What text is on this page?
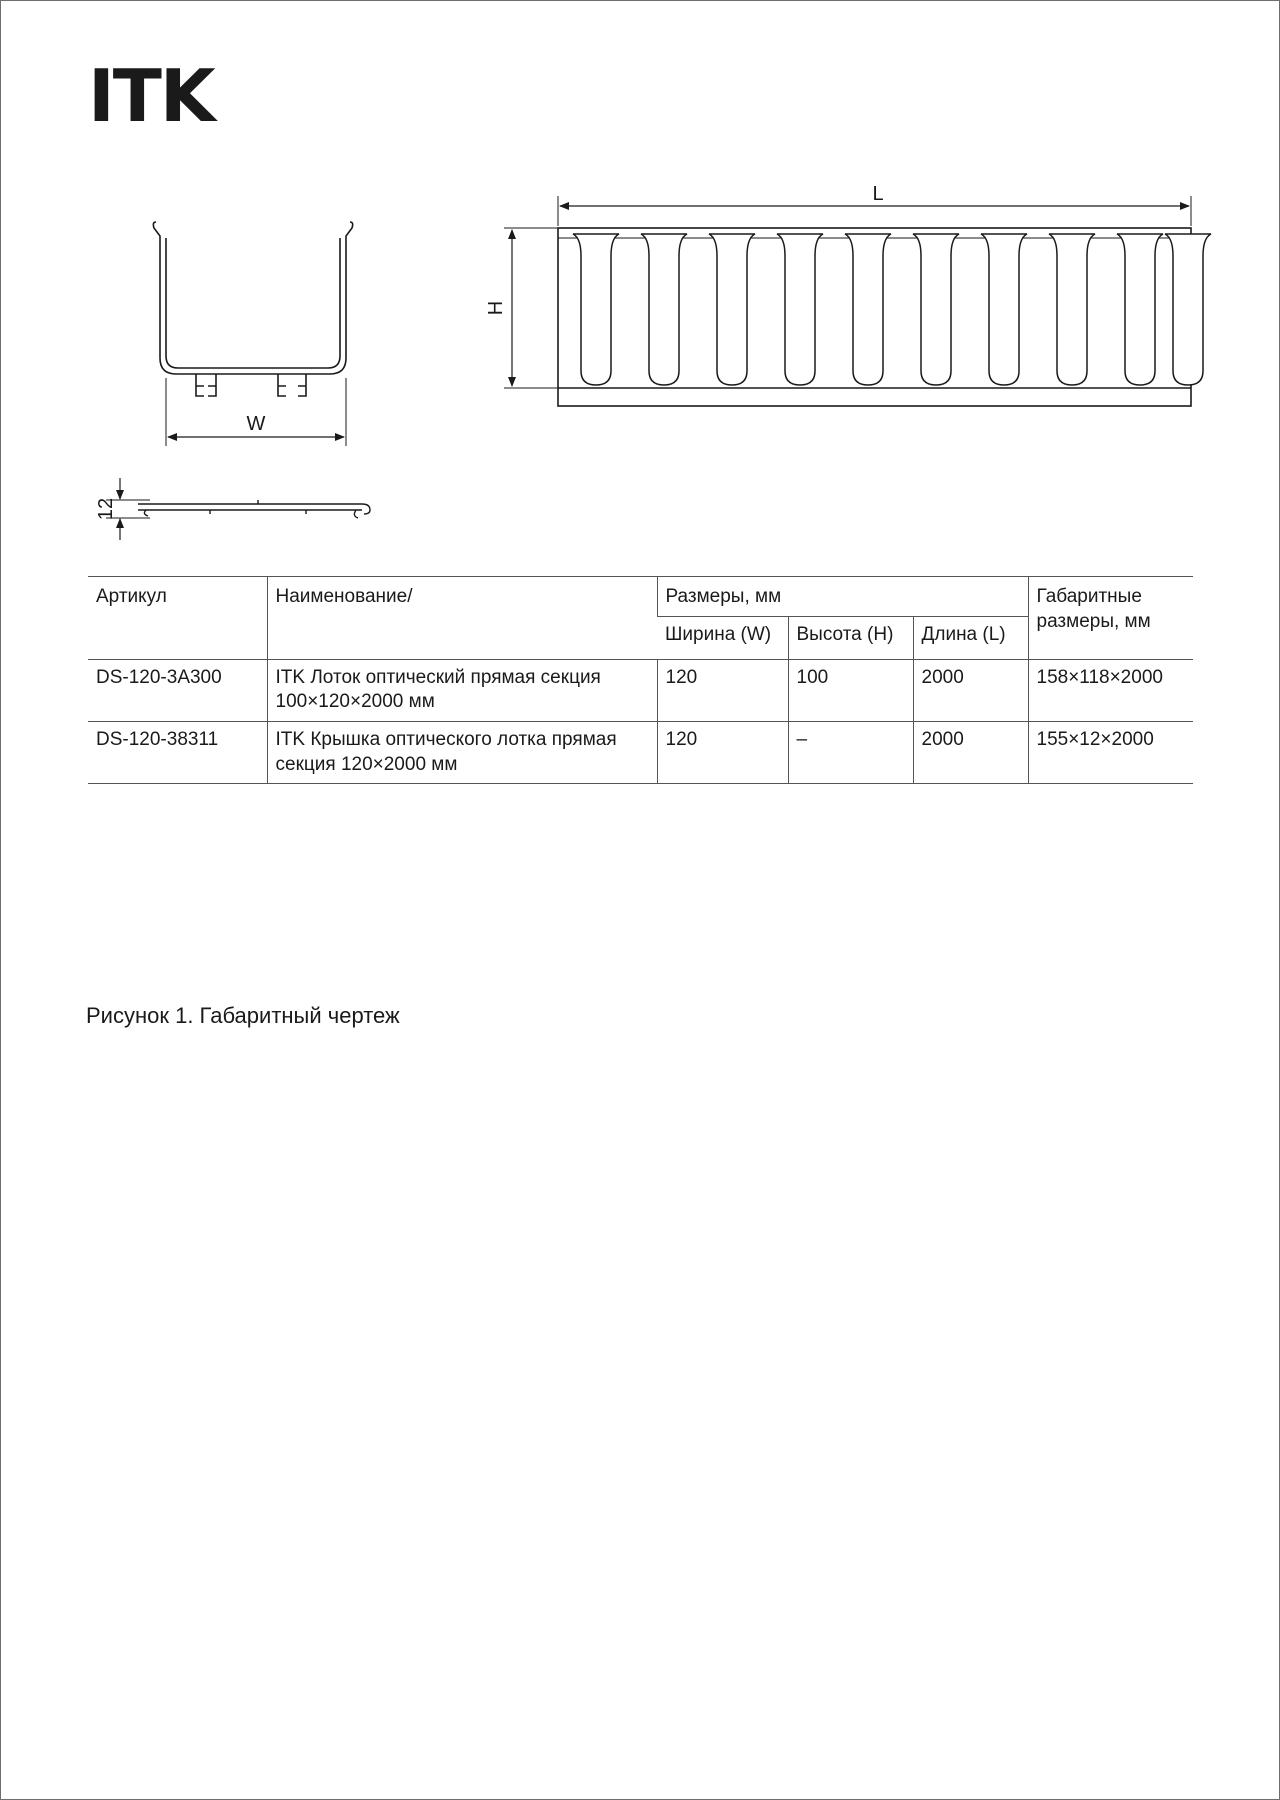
ITK
W
12
L
H
Артикул	Наименование/	Размеры, мм			Габаритные размеры, мм
		Ширина (W)	Высота (H)	Длина (L)	
DS-120-3A300	ITK Лоток оптический прямая секция 100×120×2000 мм	120	100	2000	158×118×2000
DS-120-38311	ITK Крышка оптического лотка прямая секция 120×2000 мм	120	–	2000	155×12×2000
Рисунок 1. Габаритный чертеж
